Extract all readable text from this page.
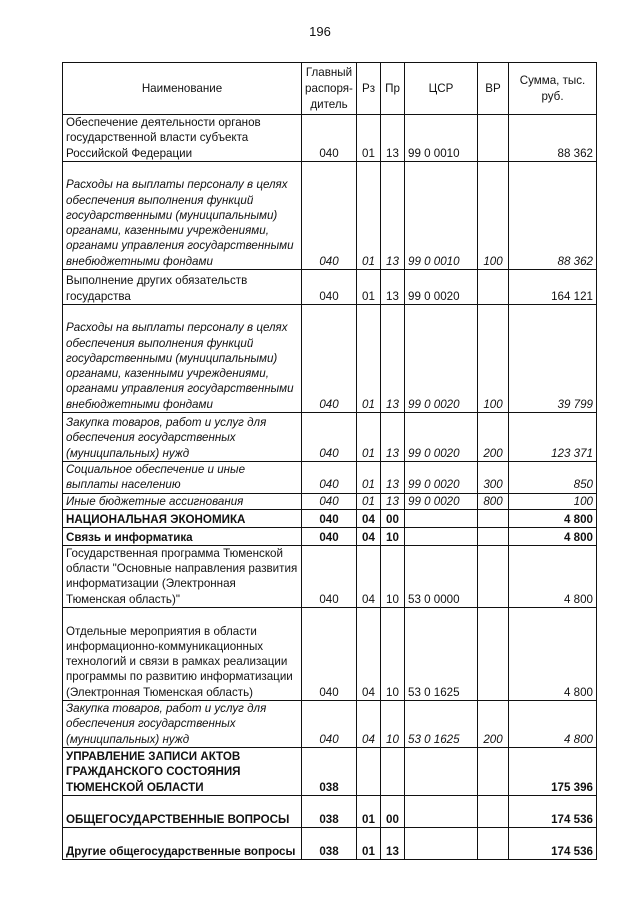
196
Наименование	Главный распоря- дитель	Рз	Пр	ЦСР	ВР	Сумма, тыс. руб.
Обеспечение деятельности органов государственной власти субъекта Российской Федерации	040	01	13	99 0 0010		88 362
Расходы на выплаты персоналу в целях обеспечения выполнения функций государственными (муниципальными) органами, казенными учреждениями, органами управления государственными внебюджетными фондами	040	01	13	99 0 0010	100	88 362
Выполнение других обязательств государства	040	01	13	99 0 0020		164 121
Расходы на выплаты персоналу в целях обеспечения выполнения функций государственными (муниципальными) органами, казенными учреждениями, органами управления государственными внебюджетными фондами	040	01	13	99 0 0020	100	39 799
Закупка товаров, работ и услуг для обеспечения государственных (муниципальных) нужд	040	01	13	99 0 0020	200	123 371
Социальное обеспечение и иные выплаты населению	040	01	13	99 0 0020	300	850
Иные бюджетные ассигнования	040	01	13	99 0 0020	800	100
НАЦИОНАЛЬНАЯ ЭКОНОМИКА	040	04	00			4 800
Связь и информатика	040	04	10			4 800
Государственная программа Тюменской области "Основные направления развития информатизации (Электронная Тюменская область)"	040	04	10	53 0 0000		4 800
Отдельные мероприятия в области информационно-коммуникационных технологий и связи в рамках реализации программы по развитию информатизации (Электронная Тюменская область)	040	04	10	53 0 1625		4 800
Закупка товаров, работ и услуг для обеспечения государственных (муниципальных) нужд	040	04	10	53 0 1625	200	4 800
УПРАВЛЕНИЕ ЗАПИСИ АКТОВ ГРАЖДАНСКОГО СОСТОЯНИЯ ТЮМЕНСКОЙ ОБЛАСТИ	038					175 396
ОБЩЕГОСУДАРСТВЕННЫЕ ВОПРОСЫ	038	01	00			174 536
Другие общегосударственные вопросы	038	01	13			174 536
